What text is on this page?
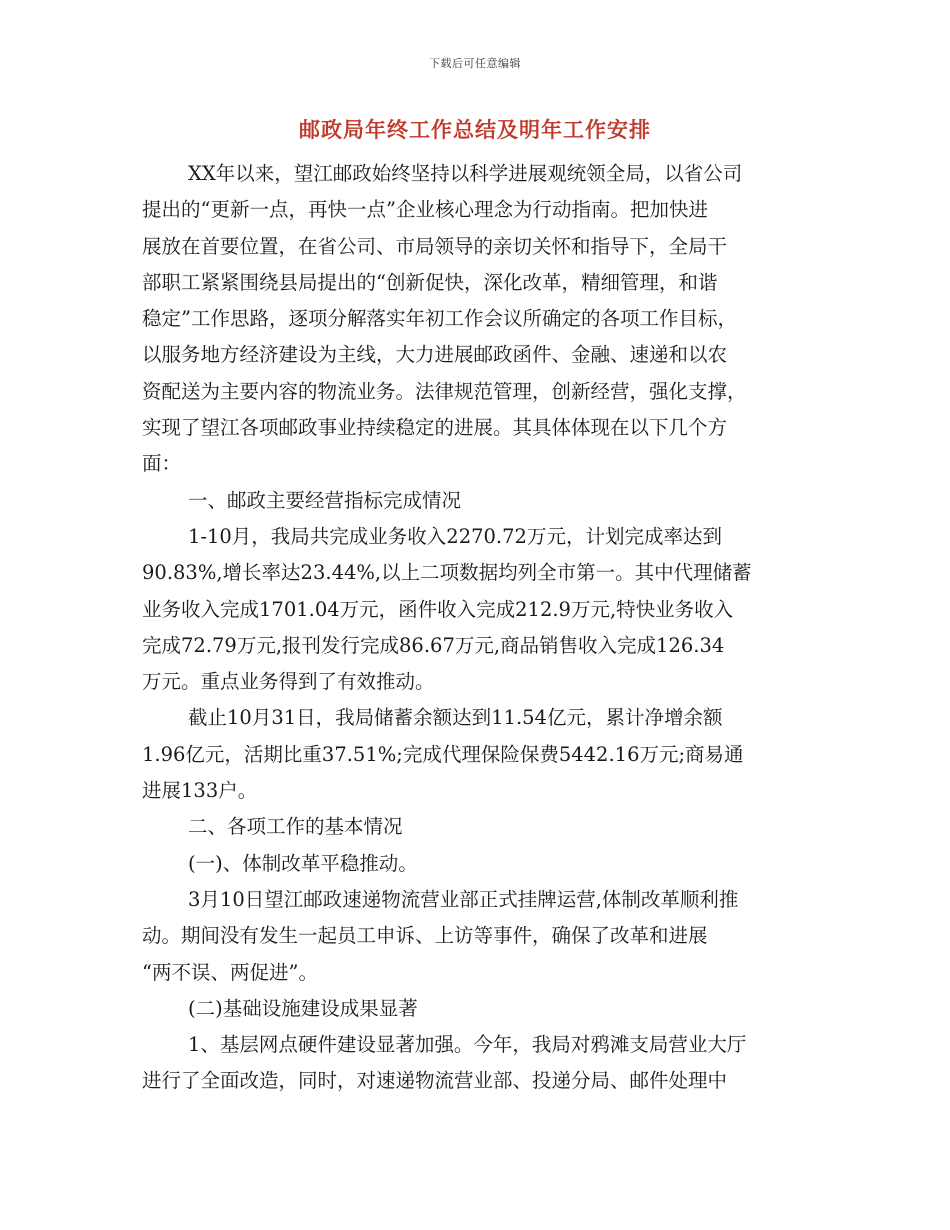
下载后可任意编辑
邮政局年终工作总结及明年工作安排
XX年以来，望江邮政始终坚持以科学进展观统领全局，以省公司
提出的“更新一点，再快一点”企业核心理念为行动指南。把加快进
展放在首要位置，在省公司、市局领导的亲切关怀和指导下，全局干
部职工紧紧围绕县局提出的“创新促快，深化改革，精细管理，和谐
稳定”工作思路，逐项分解落实年初工作会议所确定的各项工作目标，
以服务地方经济建设为主线，大力进展邮政函件、金融、速递和以农
资配送为主要内容的物流业务。法律规范管理，创新经营，强化支撑，
实现了望江各项邮政事业持续稳定的进展。其具体体现在以下几个方
面：
一、邮政主要经营指标完成情况
1-10月，我局共完成业务收入2270.72万元，计划完成率达到
90.83%,增长率达23.44%,以上二项数据均列全市第一。其中代理储蓄
业务收入完成1701.04万元，函件收入完成212.9万元,特快业务收入
完成72.79万元,报刊发行完成86.67万元,商品销售收入完成126.34
万元。重点业务得到了有效推动。
截止10月31日，我局储蓄余额达到11.54亿元，累计净增余额
1.96亿元，活期比重37.51%;完成代理保险保费5442.16万元;商易通
进展133户。
二、各项工作的基本情况
(一)、体制改革平稳推动。
3月10日望江邮政速递物流营业部正式挂牌运营,体制改革顺利推
动。期间没有发生一起员工申诉、上访等事件，确保了改革和进展
“两不误、两促进”。
(二)基础设施建设成果显著
1、基层网点硬件建设显著加强。今年，我局对鸦滩支局营业大厅
进行了全面改造，同时，对速递物流营业部、投递分局、邮件处理中
